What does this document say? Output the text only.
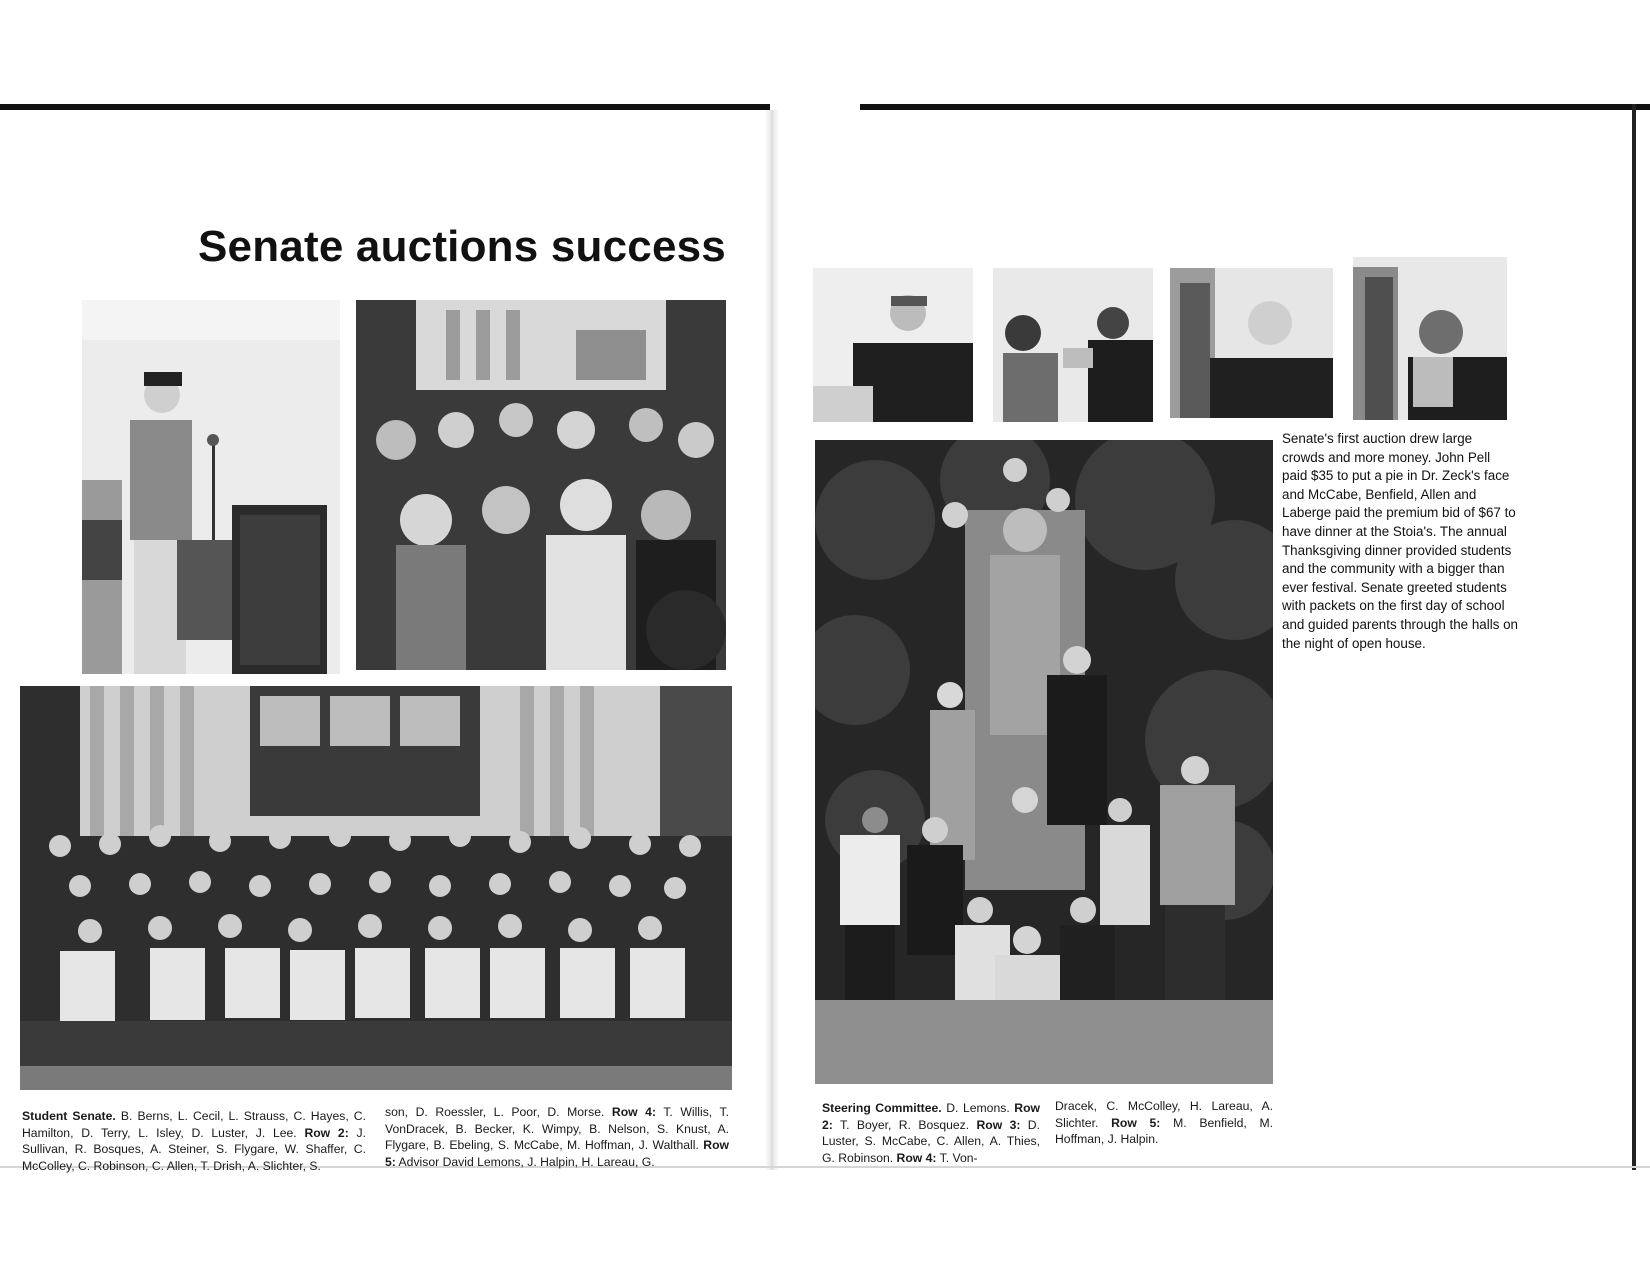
Senate auctions success
Student Senate. B. Berns, L. Cecil, L. Strauss, C. Hayes, C. Hamilton, D. Terry, L. Isley, D. Luster, J. Lee. Row 2: J. Sullivan, R. Bosques, A. Steiner, S. Flygare, W. Shaffer, C. McColley, C. Robinson, C. Allen, T. Drish, A. Slichter, S.
son, D. Roessler, L. Poor, D. Morse. Row 4: T. Willis, T. VonDracek, B. Becker, K. Wimpy, B. Nelson, S. Knust, A. Flygare, B. Ebeling, S. McCabe, M. Hoffman, J. Walthall. Row 5: Advisor David Lemons, J. Halpin, H. Lareau, G.
Senate's first auction drew large crowds and more money. John Pell paid $35 to put a pie in Dr. Zeck's face and McCabe, Benfield, Allen and Laberge paid the premium bid of $67 to have dinner at the Stoia's. The annual Thanksgiving dinner provided students and the community with a bigger than ever festival. Senate greeted students with packets on the first day of school and guided parents through the halls on the night of open house.
Steering Committee. D. Lemons. Row 2: T. Boyer, R. Bosquez. Row 3: D. Luster, S. McCabe, C. Allen, A. Thies, G. Robinson. Row 4: T. Von-
Dracek, C. McColley, H. Lareau, A. Slichter. Row 5: M. Benfield, M. Hoffman, J. Halpin.
